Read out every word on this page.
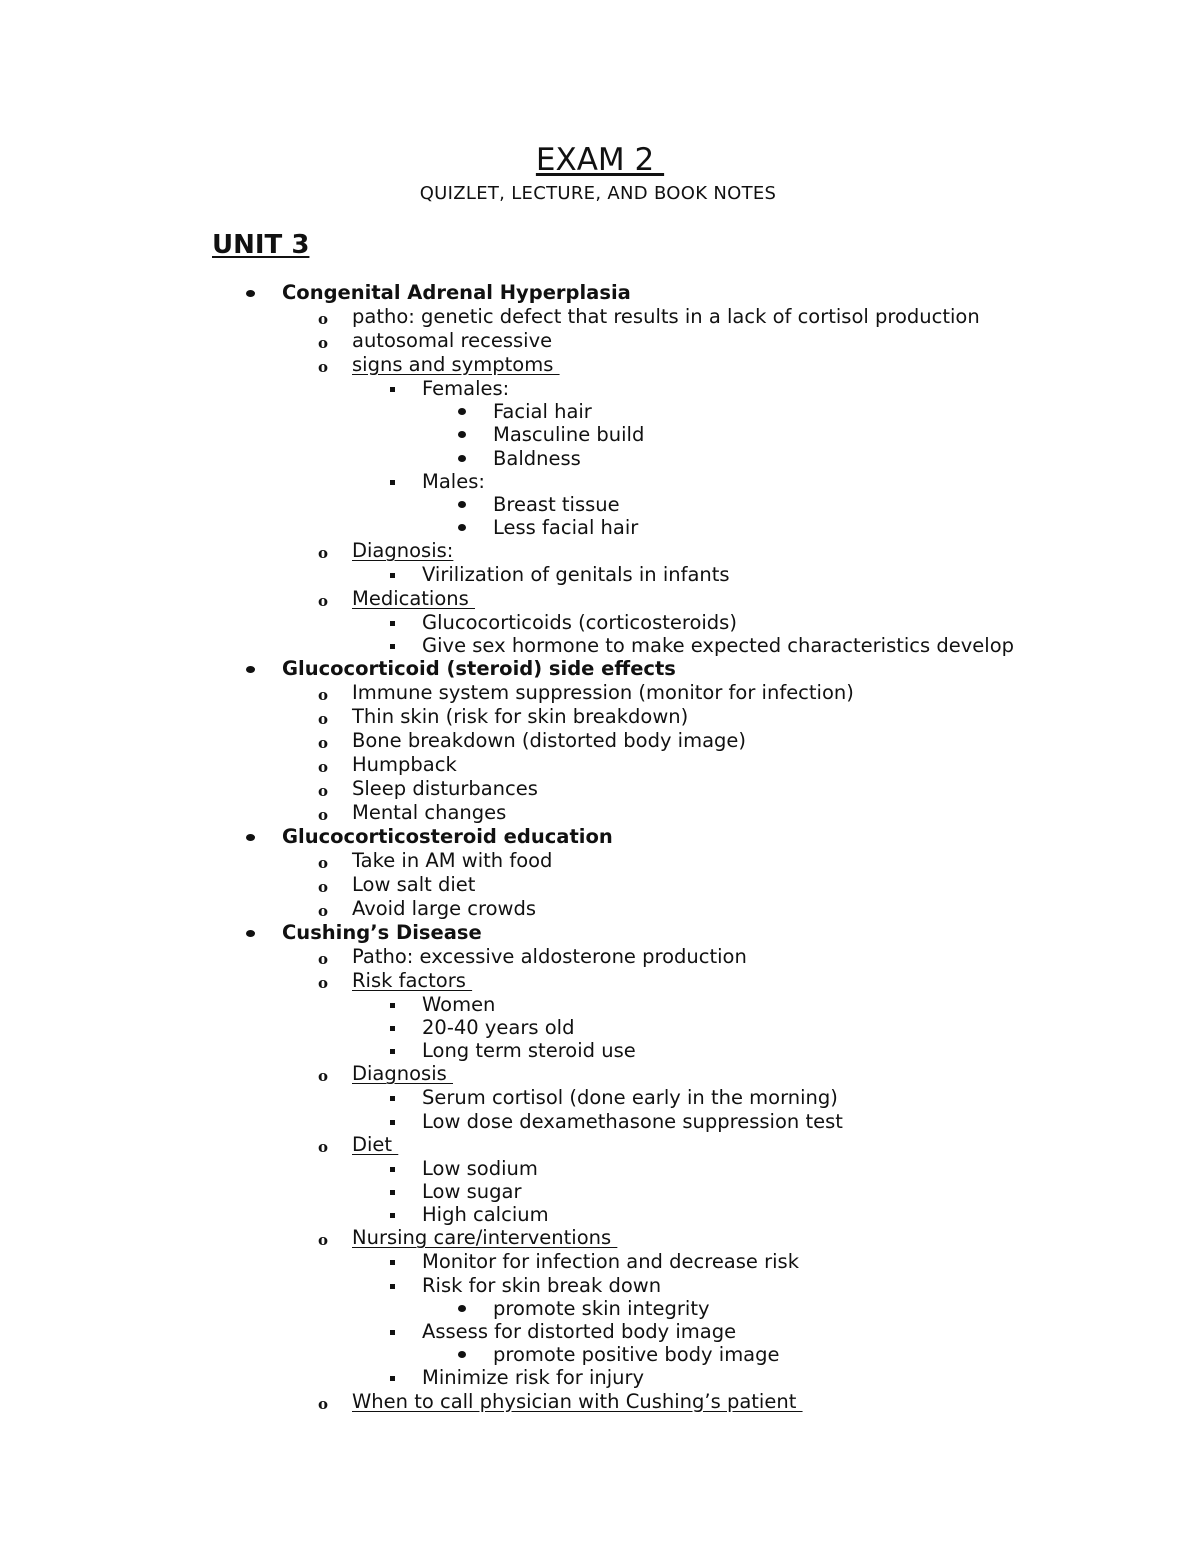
EXAM 2
QUIZLET, LECTURE, AND BOOK NOTES
UNIT 3
Congenital Adrenal Hyperplasia
o patho: genetic defect that results in a lack of cortisol production
o autosomal recessive
o signs and symptoms
Females:
Facial hair
Masculine build
Baldness
Males:
Breast tissue
Less facial hair
o Diagnosis:
Virilization of genitals in infants
o Medications
Glucocorticoids (corticosteroids)
Give sex hormone to make expected characteristics develop
Glucocorticoid (steroid) side effects
o Immune system suppression (monitor for infection)
o Thin skin (risk for skin breakdown)
o Bone breakdown (distorted body image)
o Humpback
o Sleep disturbances
o Mental changes
Glucocorticosteroid education
o Take in AM with food
o Low salt diet
o Avoid large crowds
Cushing’s Disease
o Patho: excessive aldosterone production
o Risk factors
Women
20-40 years old
Long term steroid use
o Diagnosis
Serum cortisol (done early in the morning)
Low dose dexamethasone suppression test
o Diet
Low sodium
Low sugar
High calcium
o Nursing care/interventions
Monitor for infection and decrease risk
Risk for skin break down
promote skin integrity
Assess for distorted body image
promote positive body image
Minimize risk for injury
o When to call physician with Cushing’s patient
